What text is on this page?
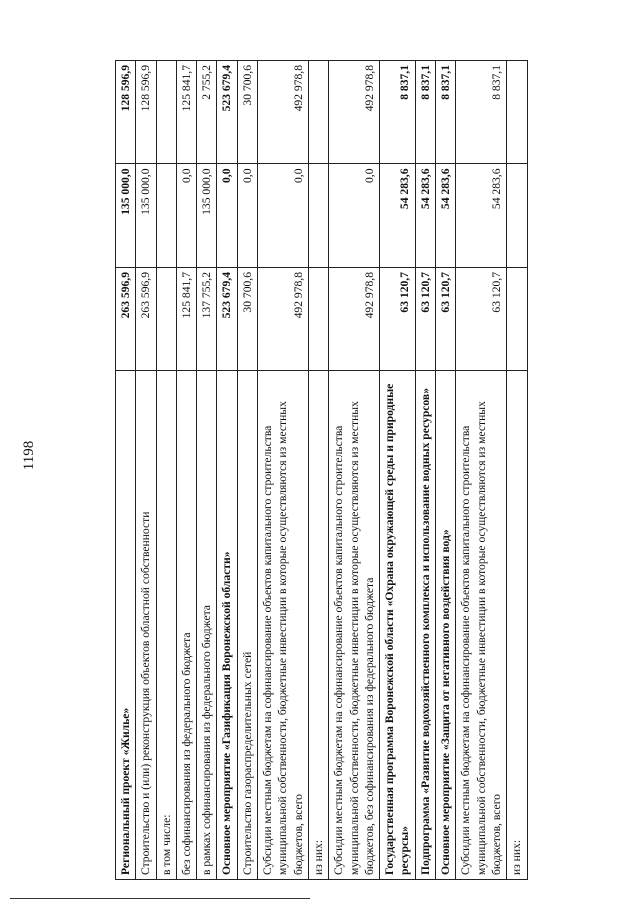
1198
Региональный проект «Жилье»	263 596,9	135 000,0	128 596,9
Строительство и (или) реконструкция объектов областной собственности	263 596,9	135 000,0	128 596,9
в том числе:			
без софинансирования из федерального бюджета	125 841,7	0,0	125 841,7
в рамках софинансирования из федерального бюджета	137 755,2	135 000,0	2 755,2
Основное мероприятие «Газификация Воронежской области»	523 679,4	0,0	523 679,4
Строительство газораспределительных сетей	30 700,6	0,0	30 700,6
Субсидии местным бюджетам на софинансирование объектов капитального строительства муниципальной собственности, бюджетные инвестиции в которые осуществляются из местных бюджетов, всего	492 978,8	0,0	492 978,8
из них:			
Субсидии местным бюджетам на софинансирование объектов капитального строительства муниципальной собственности, бюджетные инвестиции в которые осуществляются из местных бюджетов, без софинансирования из федерального бюджета	492 978,8	0,0	492 978,8
Государственная программа Воронежской области «Охрана окружающей среды и природные ресурсы»	63 120,7	54 283,6	8 837,1
Подпрограмма «Развитие водохозяйственного комплекса и использование водных ресурсов»	63 120,7	54 283,6	8 837,1
Основное мероприятие «Защита от негативного воздействия вод»	63 120,7	54 283,6	8 837,1
Субсидии местным бюджетам на софинансирование объектов капитального строительства муниципальной собственности, бюджетные инвестиции в которые осуществляются из местных бюджетов, всего	63 120,7	54 283,6	8 837,1
из них:			
